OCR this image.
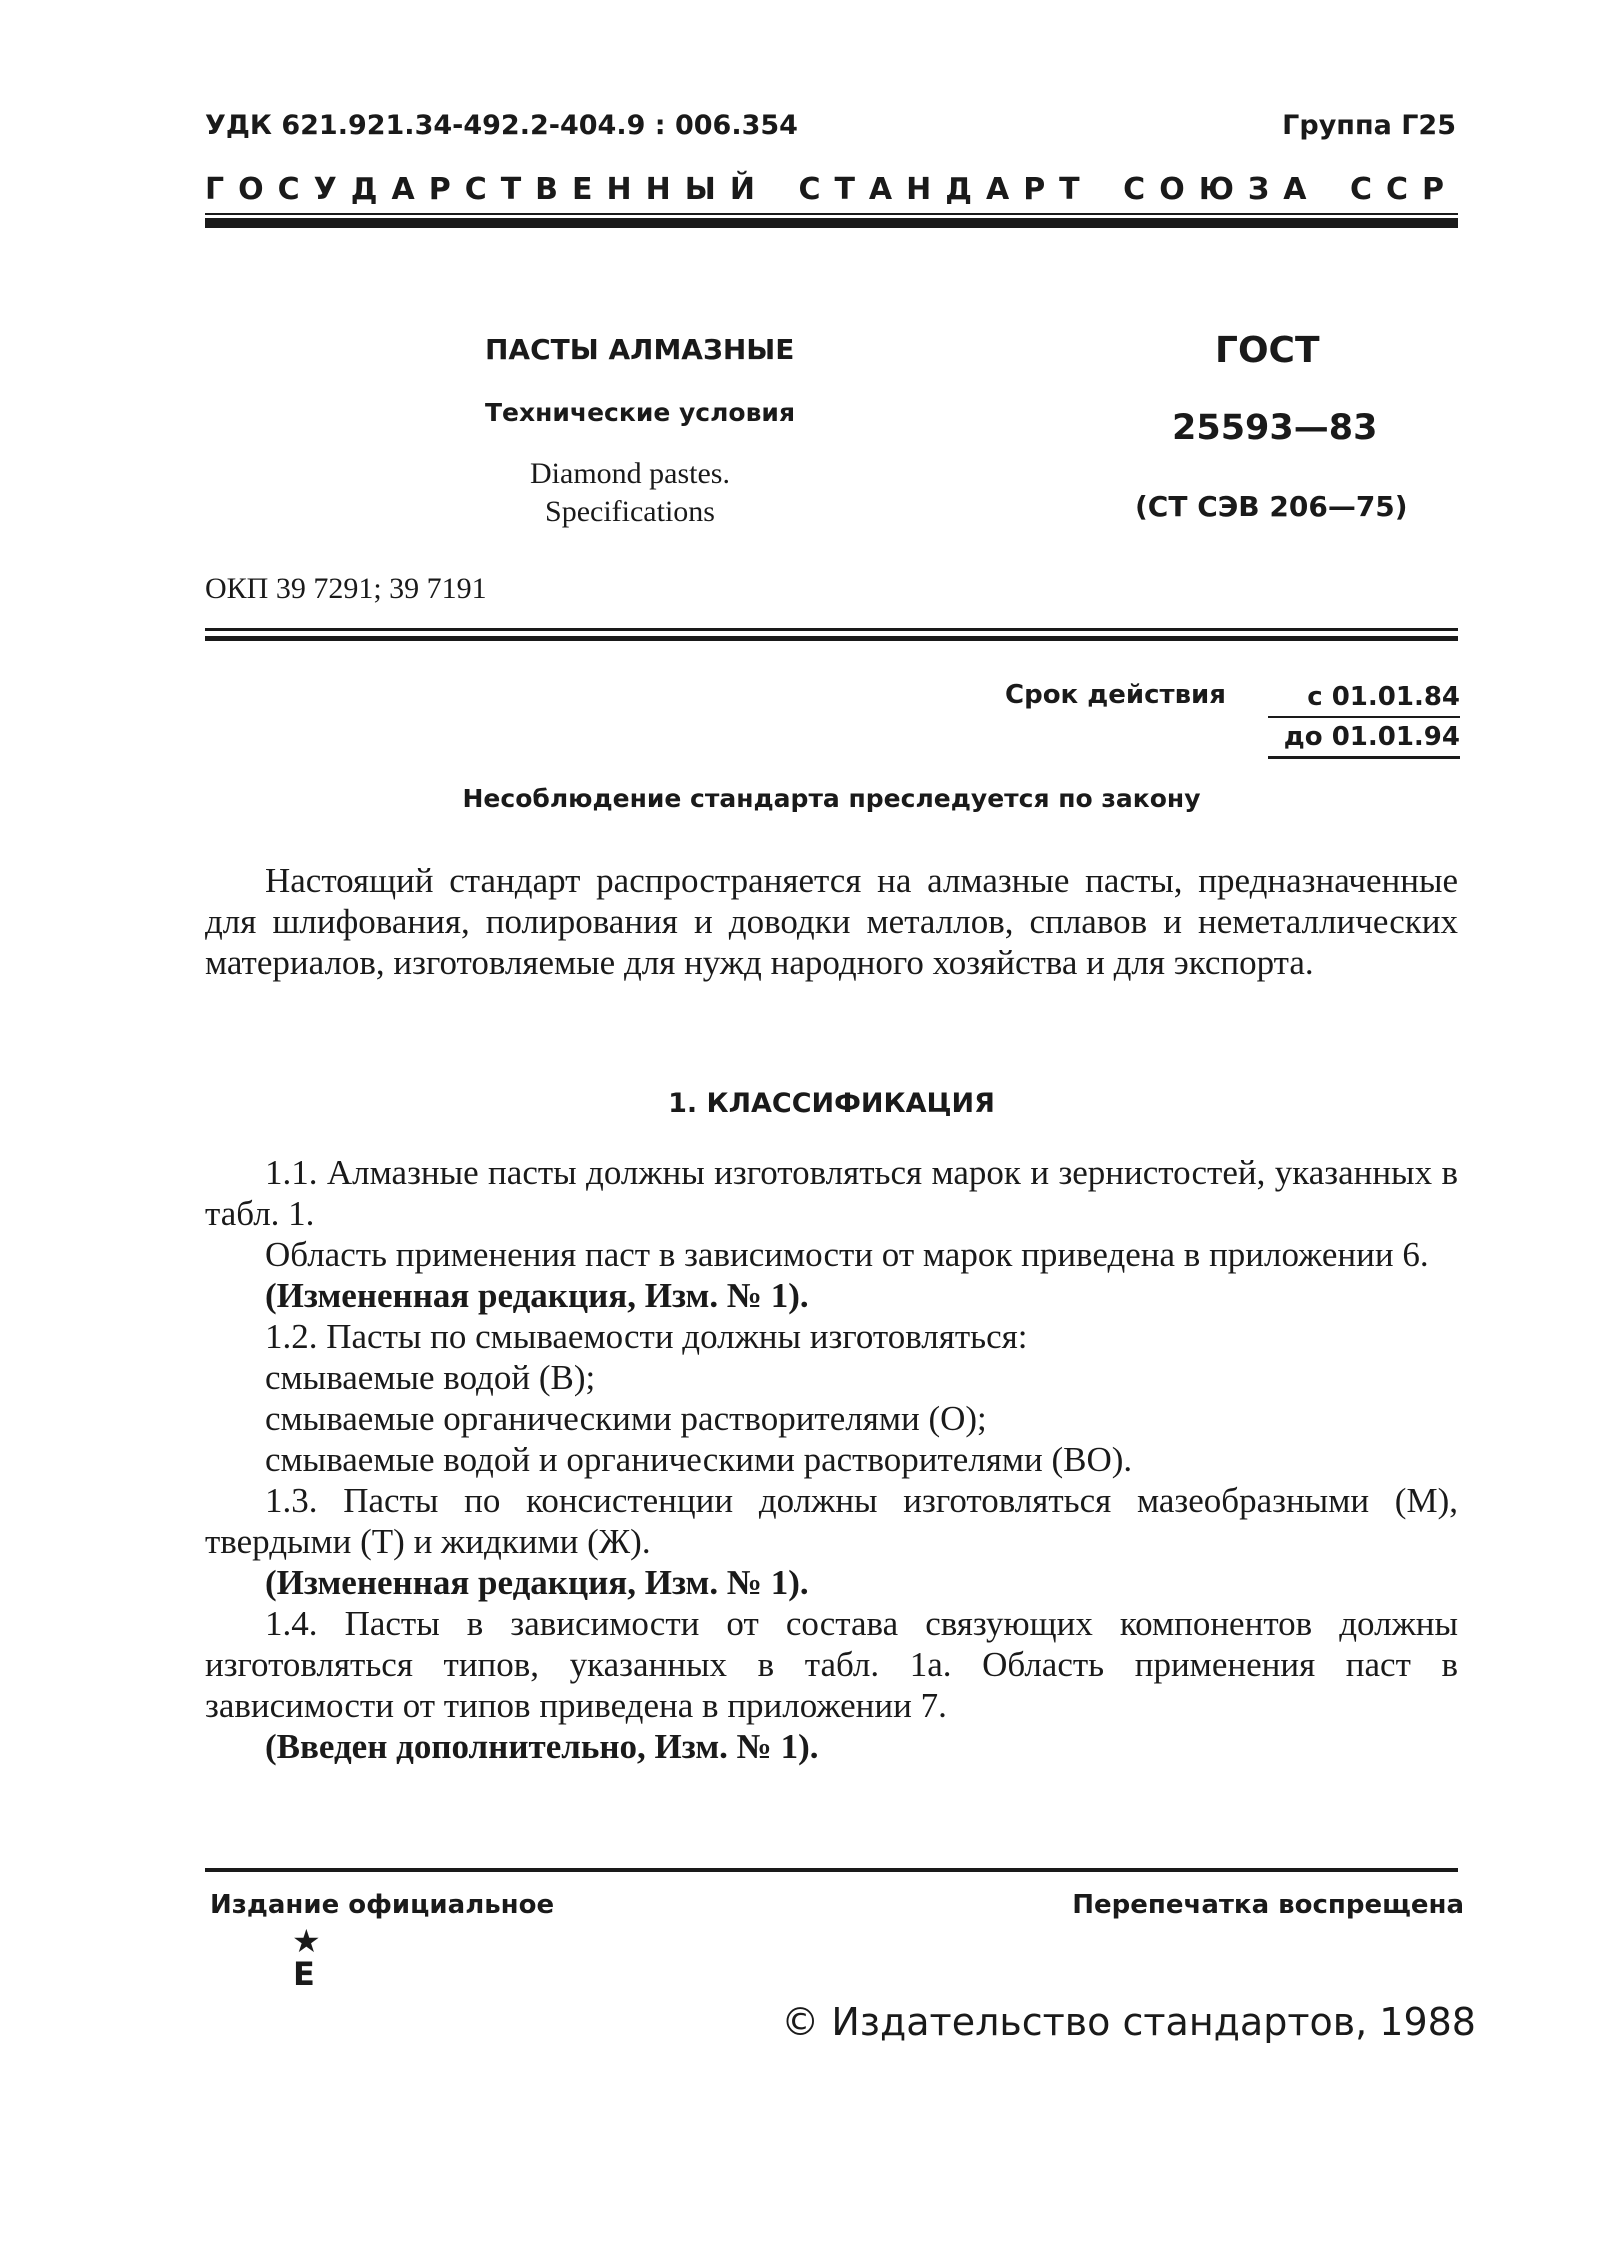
УДК 621.921.34-492.2-404.9 : 006.354	Группа Г25
ГОСУДАРСТВЕННЫЙ СТАНДАРТ СОЮЗА ССР
ПАСТЫ АЛМАЗНЫЕ
Технические условия
Diamond pastes.
Specifications
ГОСТ
25593—83
(СТ СЭВ 206—75)
ОКП 39 7291; 39 7191
Срок действия	с 01.01.84
до 01.01.94
Несоблюдение стандарта преследуется по закону

Настоящий стандарт распространяется на алмазные пасты, предназначенные для шлифования, полирования и доводки металлов, сплавов и неметаллических материалов, изготовляемые для нужд народного хозяйства и для экспорта.

1. КЛАССИФИКАЦИЯ

1.1. Алмазные пасты должны изготовляться марок и зернистостей, указанных в табл. 1.

Область применения паст в зависимости от марок приведена в приложении 6.

(Измененная редакция, Изм. № 1).

1.2. Пасты по смываемости должны изготовляться:

смываемые водой (В);

смываемые органическими растворителями (О);

смываемые водой и органическими растворителями (ВО).

1.3. Пасты по консистенции должны изготовляться мазеобразными (М), твердыми (Т) и жидкими (Ж).

(Измененная редакция, Изм. № 1).

1.4. Пасты в зависимости от состава связующих компонентов должны изготовляться типов, указанных в табл. 1а. Область применения паст в зависимости от типов приведена в приложении 7.

(Введен дополнительно, Изм. № 1).

Издание официальное	Перепечатка воспрещена
★
Е
© Издательство стандартов, 1988
